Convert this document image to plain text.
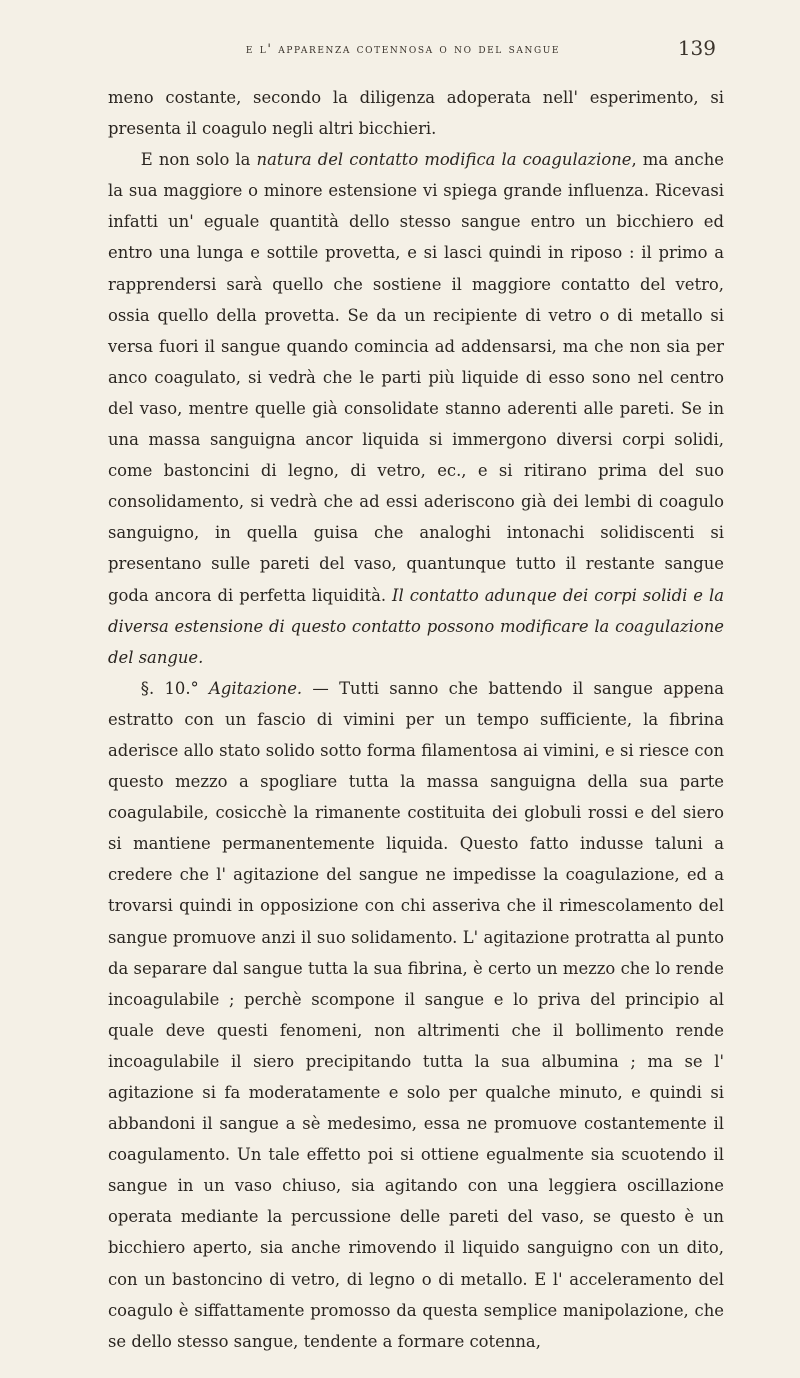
e l' apparenza cotennosa o no del sangue	139

meno costante, secondo la diligenza adoperata nell' esperimento, si presenta il coagulo negli altri bicchieri.

E non solo la natura del contatto modifica la coagulazione, ma anche la sua maggiore o minore estensione vi spiega grande influenza. Ricevasi infatti un' eguale quantità dello stesso sangue entro un bicchiero ed entro una lunga e sottile provetta, e si lasci quindi in riposo : il primo a rapprendersi sarà quello che sostiene il maggiore contatto del vetro, ossia quello della provetta. Se da un recipiente di vetro o di metallo si versa fuori il sangue quando comincia ad addensarsi, ma che non sia per anco coagulato, si vedrà che le parti più liquide di esso sono nel centro del vaso, mentre quelle già consolidate stanno aderenti alle pareti. Se in una massa sanguigna ancor liquida si immergono diversi corpi solidi, come bastoncini di legno, di vetro, ec., e si ritirano prima del suo consolidamento, si vedrà che ad essi aderiscono già dei lembi di coagulo sanguigno, in quella guisa che analoghi intonachi solidiscenti si presentano sulle pareti del vaso, quantunque tutto il restante sangue goda ancora di perfetta liquidità. Il contatto adunque dei corpi solidi e la diversa estensione di questo contatto possono modificare la coagulazione del sangue.

§. 10.° Agitazione. — Tutti sanno che battendo il sangue appena estratto con un fascio di vimini per un tempo sufficiente, la fibrina aderisce allo stato solido sotto forma filamentosa ai vimini, e si riesce con questo mezzo a spogliare tutta la massa sanguigna della sua parte coagulabile, cosicchè la rimanente costituita dei globuli rossi e del siero si mantiene permanentemente liquida. Questo fatto indusse taluni a credere che l' agitazione del sangue ne impedisse la coagulazione, ed a trovarsi quindi in opposizione con chi asseriva che il rimescolamento del sangue promuove anzi il suo solidamento. L' agitazione protratta al punto da separare dal sangue tutta la sua fibrina, è certo un mezzo che lo rende incoagulabile ; perchè scompone il sangue e lo priva del principio al quale deve questi fenomeni, non altrimenti che il bollimento rende incoagulabile il siero precipitando tutta la sua albumina ; ma se l' agitazione si fa moderatamente e solo per qualche minuto, e quindi si abbandoni il sangue a sè medesimo, essa ne promuove costantemente il coagulamento. Un tale effetto poi si ottiene egualmente sia scuotendo il sangue in un vaso chiuso, sia agitando con una leggiera oscillazione operata mediante la percussione delle pareti del vaso, se questo è un bicchiero aperto, sia anche rimovendo il liquido sanguigno con un dito, con un bastoncino di vetro, di legno o di metallo. E l' acceleramento del coagulo è siffattamente promosso da questa semplice manipolazione, che se dello stesso sangue, tendente a formare cotenna,
